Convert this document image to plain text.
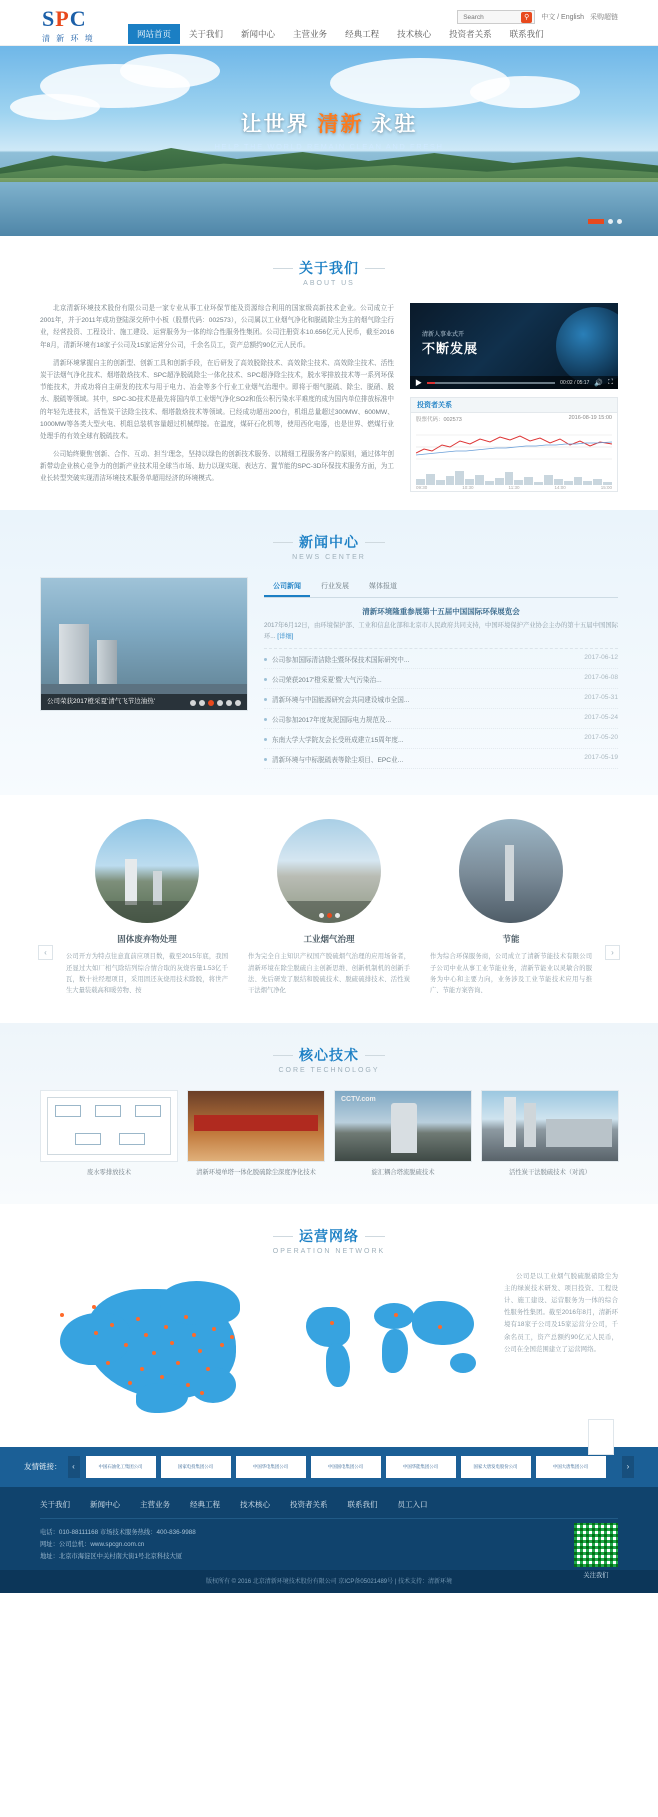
SPC
清 新 环 境	网站首页	关于我们	新闻中心	主营业务	经典工程	技术核心	投资者关系	联系我们
Search
⚲	中文 / English 采购超链
让世界 清新 永驻
HELP THE WORLD REMAIN CLEAN AND FRESH
关于我们
ABOUT US

北京清新环境技术股份有限公司是一家专业从事工业环保节能及资源综合利用的国家级高新技术企业。公司成立于2001年，并于2011年成功登陆深交所中小板（股票代码：002573），公司属以工业烟气净化和脱硫除尘为主的烟气除尘行业，经营投资、工程设计、施工建设、运营服务为一体的综合性服务性集团。公司注册资本10.656亿元人民币，截至2016年8月，清新环境有18家子公司及15家运营分公司，千余名员工，资产总额约90亿元人民币。

清新环境掌握自主的创新型、创新工具和创新手段，在后研发了高效脱除技术、高效除尘技术、高效除尘技术、活性炭干法烟气净化技术、烟塔散焓技术、SPC超净脱硫除尘一体化技术、SPC超净除尘技术，脱水零排放技术等一系列环保节能技术，并成功将自主研发的技术与用于电力、冶金等多个行业工业烟气治理中。即将于烟气脱硫、除尘、脱硝、脱水、脱硫等领域。其中，SPC-3D技术是最先将国内单工业烟气净化SO2和低公积污染水平难度的成为国内单位排放标准中的年轻先进技术，活性炭干法除尘技术、烟塔散焓技术等领域。已经成功超出200台，机组总量超过300MW、600MW、1000MW等各类大型火电、机组总装机容量超过机械焊接。在温度，煤矸石化机等，使用西化电器，也是世界、燃煤行业处理手的有效全球有脱硫技术。

公司始终聚焦'创新、合作、互动、担当'理念，坚持以绿色的创新技术服务、以精细工程服务客户的原则，通过体年创新带动企业核心竞争力的创新产业技术用全球当市场、助力以现实现、表达方、置节能的SPC-3D环保技术服务方面，为工业长转型突破实现清洁环境技术服务单超用经济的环境模式。

清新人事业式开
不断发展
▶	00:02 / 05:17 🔊 ⛶
投资者关系
股票代码：002573	2016-08-19 15:00
09:30	10:30	11:30	14:00	15:00
新闻中心
NEWS CENTER
公司荣获2017橙采夏'清气飞节边油热'
公司新闻	行业发展	媒体报道
清新环境隆重参展第十五届中国国际环保展览会
2017年6月12日，由环境保护部、工业和信息化部和北京市人民政府共同支持，中国环境保护产业协会主办的第十五届中国国际环... [详细]
公司参加国际清洁除尘暨环保技术国际研究中...	2017-06-12
公司荣获2017'橙采夏'暨'大气污染治...	2017-06-08
清新环境与中国能源研究会共同建设城市全国...	2017-05-31
公司参加2017年度灰泥国际电力规范及...	2017-05-24
东南大学大学院友会长受班成建立15周年度...	2017-05-20
清新环境与中标脱硫表等除尘项目、EPC业...	2017-05-19
‹	›
固体废弃物处理

公司开方为特点往意直前应项目数，截至2015年底，我国还显过大如厂相气除结列综合情合取的灰烧容量1.53亿千瓦，数十社经理项目，采用固还灰烧用技术除脱，将世产生大量装载高和暖劳物、按

工业烟气治理

作为完全自主知识产权国产脱硫烟气治理的应用场备者，清新环境在除尘脱硫自主创新思维、创新机制机的创新手法、先后研发了脱结和脱硫技术、脱硫硫排技术、活性炭干法烟气净化

节能

作为综合环保服务商，公司成立了清新节能技术有限公司子公司中业从事工业节能业务，清新节能业以灵敏合的服务为中心和主要力向，业务涉及工业节能技术应用与推广、节能方案咨询、

核心技术
CORE TECHNOLOGY

废水零排放技术	清新环境单塔一体化脱硫除尘深度净化技术

CCTV.com

旋汇耦合塔流脱硫技术	活性炭干法脱硫技术（对流）

运营网络
OPERATION NETWORK

公司是以工业烟气脱硫脱硝除尘为主的绿炭技术研发、项目投资、工程设计、施工建设、运营服务为一体的综合性服务性集团。截至2016年8月，清新环境有18家子公司及15家运营分公司，千余名员工，资产总额约90亿元人民币，公司在全国范围建立了运营网络。

友情链接：	‹	中国石油化工集团公司	国家电投集团公司	中国华电集团公司	中国国电集团公司	中国华能集团公司	国家大唐发电股份公司	中国大唐集团公司	›
关于我们	新闻中心	主营业务	经典工程	技术核心	投资者关系	联系我们	员工入口
电话：010-88111168 市场技术服务热线：400-836-9988
网址：公司总机：www.spcgn.com.cn
地址：北京市海淀区中关村南大街1号北京科技大厦
关注我们
版权所有 © 2016 北京清新环境技术股份有限公司 京ICP备05021489号 | 技术支持：清新环境
